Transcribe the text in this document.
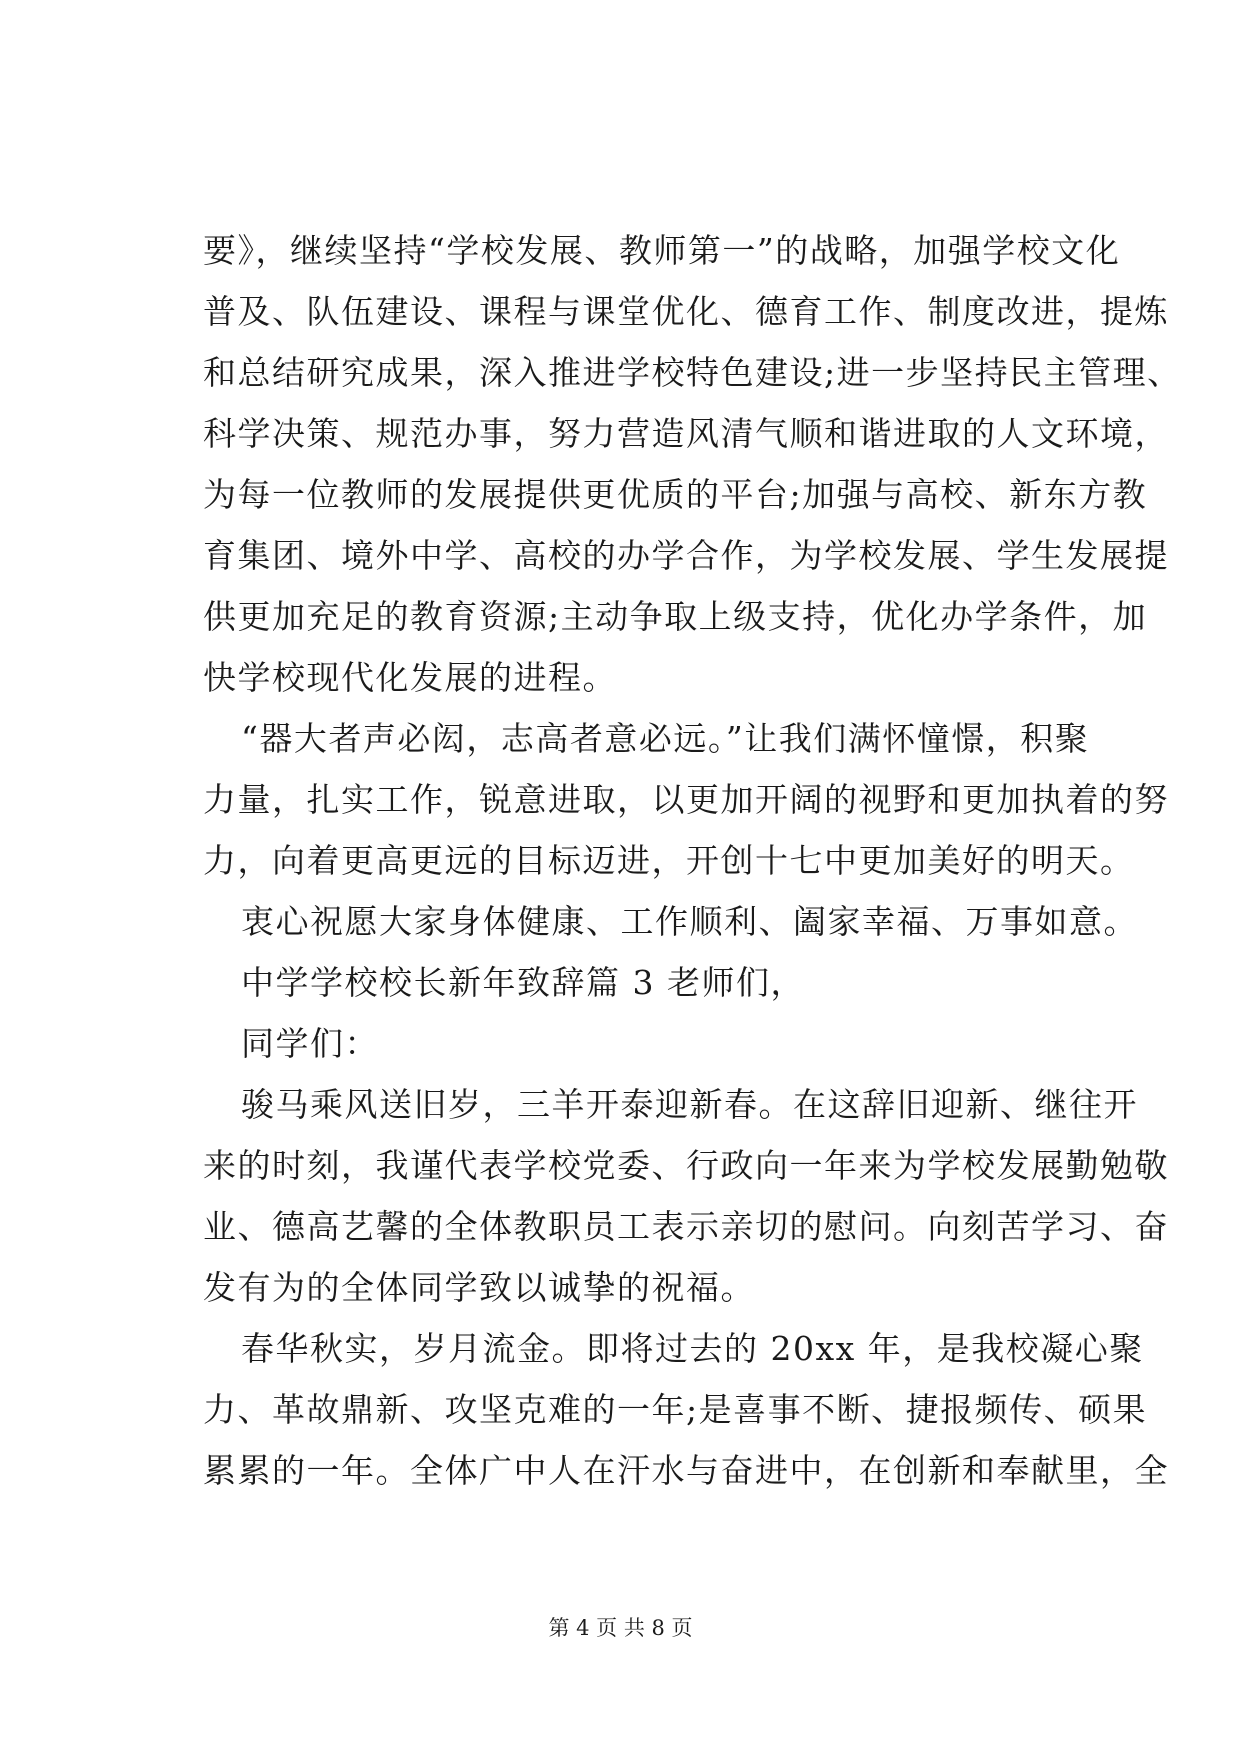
要》，继续坚持“学校发展、教师第一”的战略，加强学校文化
普及、队伍建设、课程与课堂优化、德育工作、制度改进，提炼
和总结研究成果，深入推进学校特色建设;进一步坚持民主管理、
科学决策、规范办事，努力营造风清气顺和谐进取的人文环境，
为每一位教师的发展提供更优质的平台;加强与高校、新东方教
育集团、境外中学、高校的办学合作，为学校发展、学生发展提
供更加充足的教育资源;主动争取上级支持，优化办学条件，加
快学校现代化发展的进程。
“器大者声必闳，志高者意必远。”让我们满怀憧憬，积聚
力量，扎实工作，锐意进取，以更加开阔的视野和更加执着的努
力，向着更高更远的目标迈进，开创十七中更加美好的明天。
衷心祝愿大家身体健康、工作顺利、阖家幸福、万事如意。
中学学校校长新年致辞篇 3 老师们，
同学们：
骏马乘风送旧岁，三羊开泰迎新春。在这辞旧迎新、继往开
来的时刻，我谨代表学校党委、行政向一年来为学校发展勤勉敬
业、德高艺馨的全体教职员工表示亲切的慰问。向刻苦学习、奋
发有为的全体同学致以诚挚的祝福。
春华秋实，岁月流金。即将过去的 20xx 年，是我校凝心聚
力、革故鼎新、攻坚克难的一年;是喜事不断、捷报频传、硕果
累累的一年。全体广中人在汗水与奋进中，在创新和奉献里，全
第 4 页 共 8 页
